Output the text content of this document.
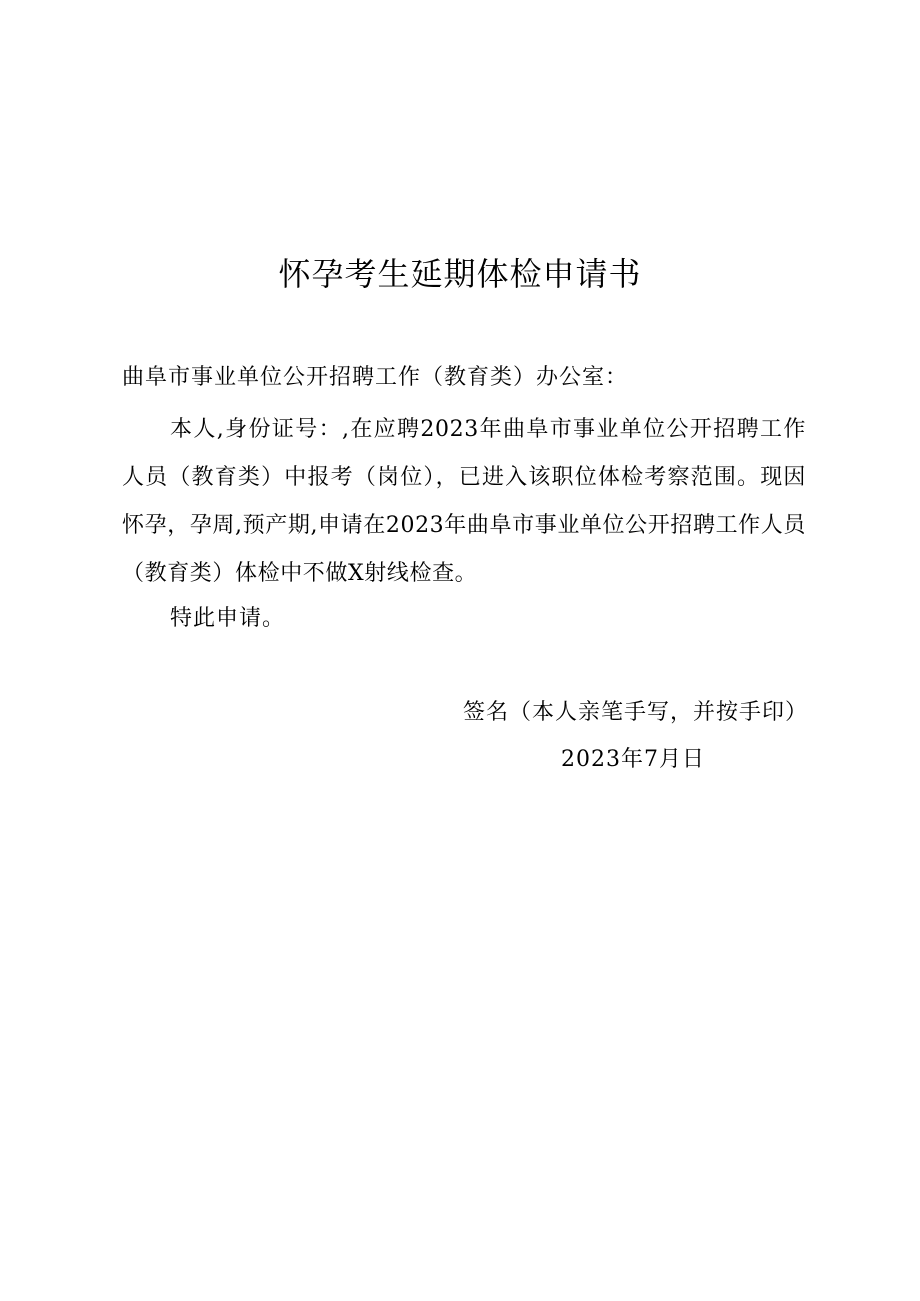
怀孕考生延期体检申请书
曲阜市事业单位公开招聘工作（教育类）办公室：

本人,身份证号：,在应聘2023年曲阜市事业单位公开招聘工作人员（教育类）中报考（岗位），已进入该职位体检考察范围。现因怀孕，孕周,预产期,申请在2023年曲阜市事业单位公开招聘工作人员（教育类）体检中不做X射线检查。

特此申请。
签名（本人亲笔手写，并按手印）
2023年7月日
